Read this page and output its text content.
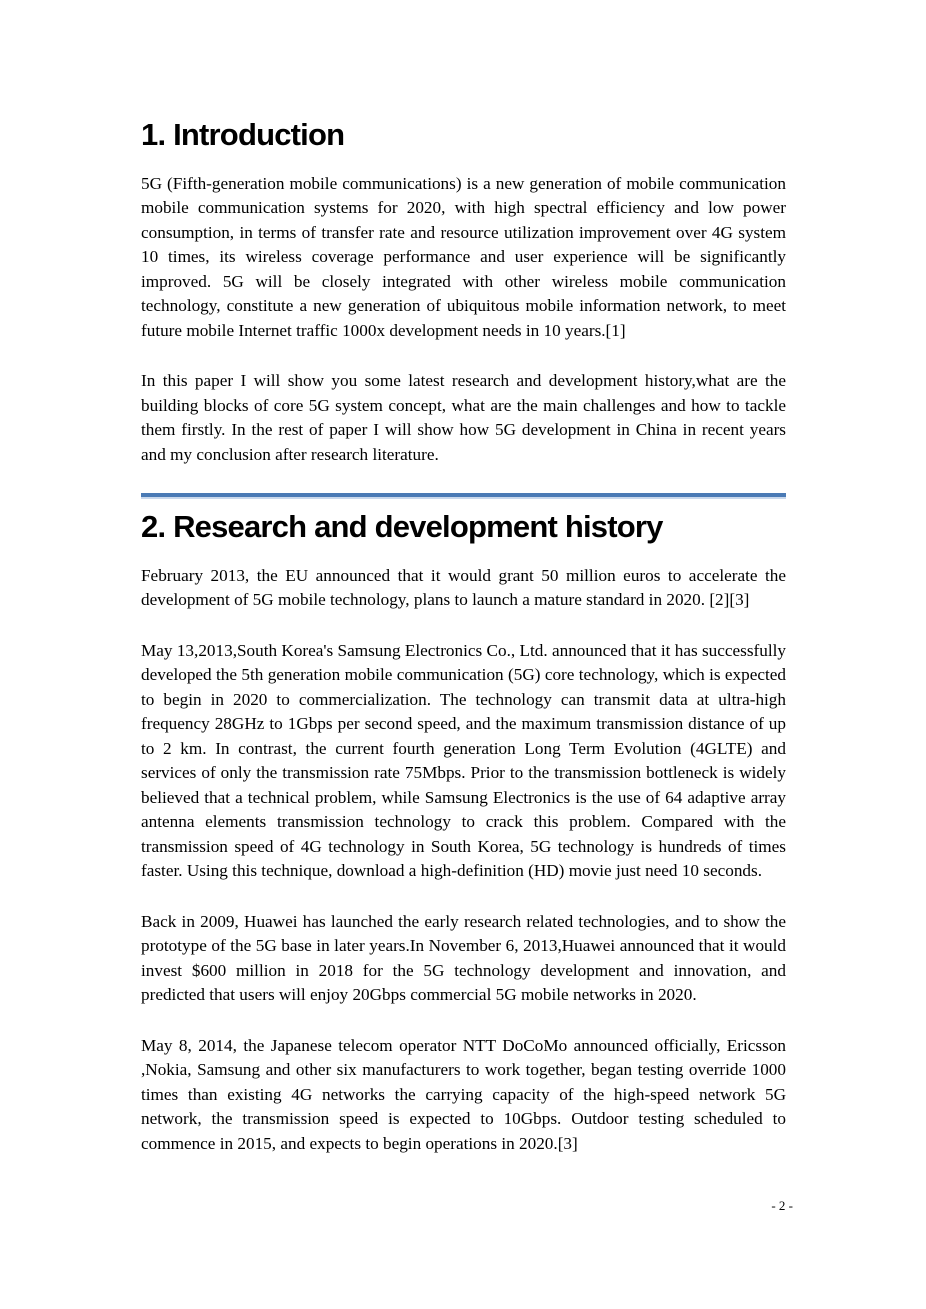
1. Introduction

5G (Fifth-generation mobile communications) is a new generation of mobile communication mobile communication systems for 2020, with high spectral efficiency and low power consumption, in terms of transfer rate and resource utilization improvement over 4G system 10 times, its wireless coverage performance and user experience will be significantly improved. 5G will be closely integrated with other wireless mobile communication technology, constitute a new generation of ubiquitous mobile information network, to meet future mobile Internet traffic 1000x development needs in 10 years.[1]

In this paper I will show you some latest research and development history,what are the building blocks of core 5G system concept, what are the main challenges and how to tackle them firstly. In the rest of paper I will show how 5G development in China in recent years and my conclusion after research literature.

2. Research and development history

February 2013, the EU announced that it would grant 50 million euros to accelerate the development of 5G mobile technology, plans to launch a mature standard in 2020. [2][3]

May 13,2013,South Korea's Samsung Electronics Co., Ltd. announced that it has successfully developed the 5th generation mobile communication (5G) core technology, which is expected to begin in 2020 to commercialization. The technology can transmit data at ultra-high frequency 28GHz to 1Gbps per second speed, and the maximum transmission distance of up to 2 km. In contrast, the current fourth generation Long Term Evolution (4GLTE) and services of only the transmission rate 75Mbps. Prior to the transmission bottleneck is widely believed that a technical problem, while Samsung Electronics is the use of 64 adaptive array antenna elements transmission technology to crack this problem. Compared with the transmission speed of 4G technology in South Korea, 5G technology is hundreds of times faster. Using this technique, download a high-definition (HD) movie just need 10 seconds.

Back in 2009, Huawei has launched the early research related technologies, and to show the prototype of the 5G base in later years.In November 6, 2013,Huawei announced that it would invest $600 million in 2018 for the 5G technology development and innovation, and predicted that users will enjoy 20Gbps commercial 5G mobile networks in 2020.

May 8, 2014, the Japanese telecom operator NTT DoCoMo announced officially, Ericsson ,Nokia, Samsung and other six manufacturers to work together, began testing override 1000 times than existing 4G networks the carrying capacity of the high-speed network 5G network, the transmission speed is expected to 10Gbps. Outdoor testing scheduled to commence in 2015, and expects to begin operations in 2020.[3]

- 2 -
